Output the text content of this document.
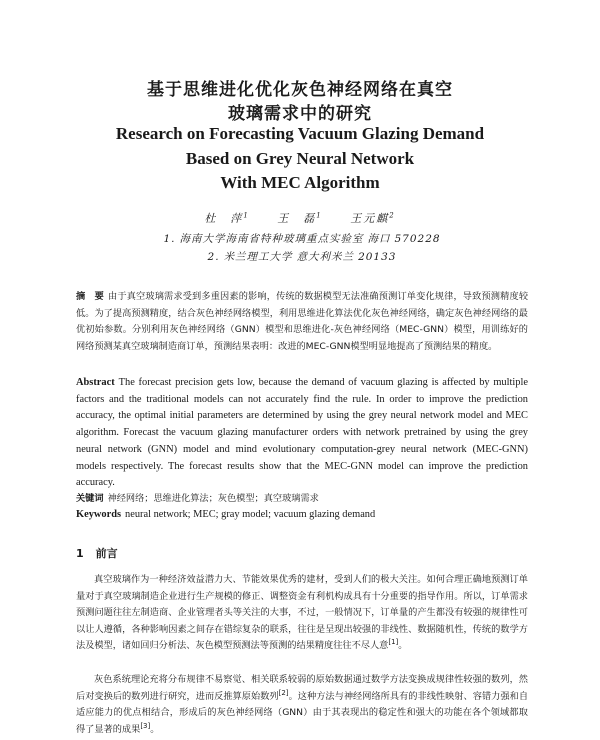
基于思维进化优化灰色神经网络在真空
玻璃需求中的研究
Research on Forecasting Vacuum Glazing Demand
Based on Grey Neural Network
With MEC Algorithm
杜　萍$^1$ 王　磊$^1$ 王元麒$^2$
1. 海南大学海南省特种玻璃重点实验室 海口 570228
2. 米兰理工大学 意大利米兰 20133
摘　要 由于真空玻璃需求受到多重因素的影响，传统的数据模型无法准确预测订单变化规律，导致预测精度较低。为了提高预测精度，结合灰色神经网络模型，利用思维进化算法优化灰色神经网络，确定灰色神经网络的最优初始参数。分别利用灰色神经网络（GNN）模型和思维进化-灰色神经网络（MEC-GNN）模型，用训练好的网络预测某真空玻璃制造商订单，预测结果表明：改进的MEC-GNN模型明显地提高了预测结果的精度。
Abstract The forecast precision gets low, because the demand of vacuum glazing is affected by multiple factors and the traditional models can not accurately find the rule. In order to improve the prediction accuracy, the optimal initial parameters are determined by using the grey neural network model and MEC algorithm. Forecast the vacuum glazing manufacturer orders with network pretrained by using the grey neural network (GNN) model and mind evolutionary computation-grey neural network (MEC-GNN) models respectively. The forecast results show that the MEC-GNN model can improve the prediction accuracy.
关键词 神经网络；思维进化算法；灰色模型；真空玻璃需求
Keywords neural network; MEC; gray model; vacuum glazing demand
1 前言
真空玻璃作为一种经济效益潜力大、节能效果优秀的建材，受到人们的极大关注。如何合理正确地预测订单量对于真空玻璃制造企业进行生产规模的修正、调整资金有利机构成具有十分重要的指导作用。所以，订单需求预测问题往往左制造商、企业管理者头等关注的大事，不过，一般情况下，订单量的产生都没有较强的规律性可以让人遵循，各种影响因素之间存在错综复杂的联系，往往是呈现出较强的非线性、数据随机性，传统的数学方法及模型，诸如回归分析法、灰色模型预测法等预测的结果精度往往不尽人意[1]。
灰色系统理论充将分布规律不易察觉、相关联系较弱的原始数据通过数学方法变换成规律性较强的数列，然后对变换后的数列进行研究，进而反推算原始数列[2]。这种方法与神经网络所具有的非线性映射、容错力强和自适应能力的优点相结合，形成后的灰色神经网络（GNN）由于其表现出的稳定性和强大的功能在各个领域都取得了显著的成果[3]。
